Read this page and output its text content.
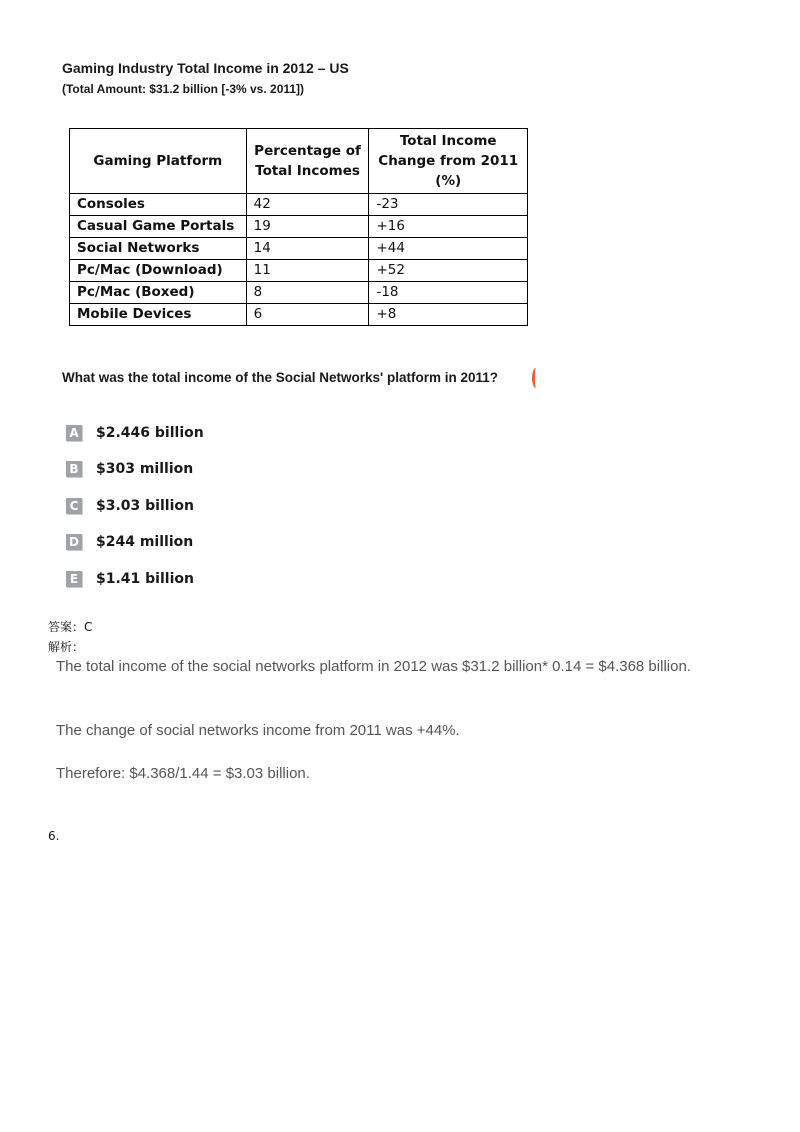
Gaming Industry Total Income in 2012 – US
(Total Amount: $31.2 billion [-3% vs. 2011])
Gaming Platform	Percentage of Total Incomes	Total Income Change from 2011 (%)
Consoles	42	-23
Casual Game Portals	19	+16
Social Networks	14	+44
Pc/Mac (Download)	11	+52
Pc/Mac (Boxed)	8	-18
Mobile Devices	6	+8
What was the total income of the Social Networks' platform in 2011?
A $2.446 billion
B $303 million
C $3.03 billion
D $244 million
E $1.41 billion
答案：C
解析：
The total income of the social networks platform in 2012 was $31.2 billion* 0.14 = $4.368 billion.
The change of social networks income from 2011 was +44%.
Therefore: $4.368/1.44 = $3.03 billion.
6.
